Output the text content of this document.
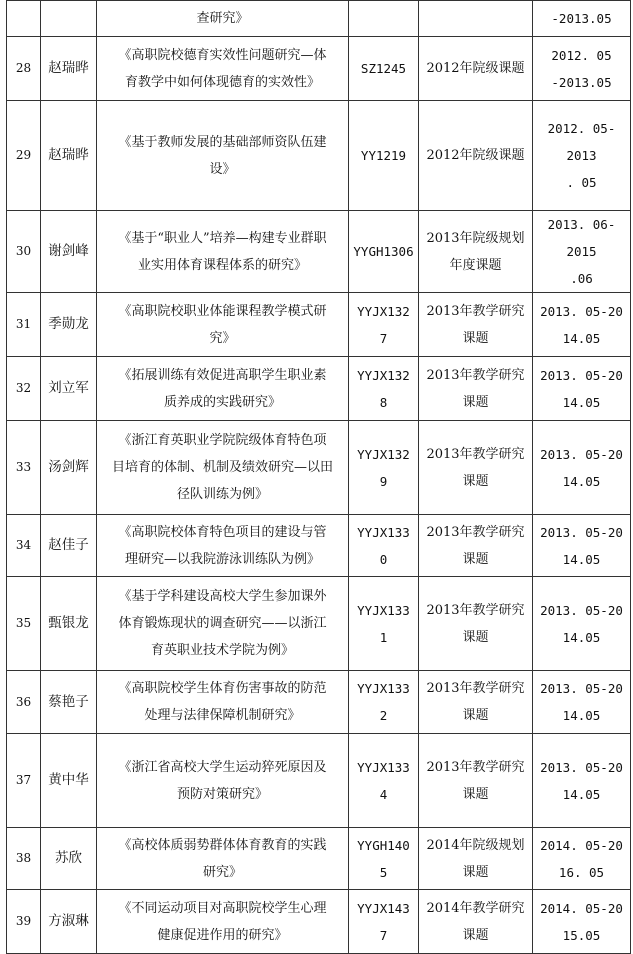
		查研究》			-2013.05
28	赵瑞晔	《高职院校德育实效性问题研究—体
育教学中如何体现德育的实效性》	SZ1245	2012年院级课题	2012. 05
-2013.05
29	赵瑞晔	《基于教师发展的基础部师资队伍建
设》	YY1219	2012年院级课题	2012. 05-2013
. 05
30	谢剑峰	《基于“职业人”培养—构建专业群职
业实用体育课程体系的研究》	YYGH1306	2013年院级规划
年度课题	2013. 06-2015
.06
31	季勋龙	《高职院校职业体能课程教学模式研
究》	YYJX132
7	2013年教学研究
课题	2013. 05-20
14.05
32	刘立军	《拓展训练有效促进高职学生职业素
质养成的实践研究》	YYJX132
8	2013年教学研究
课题	2013. 05-20
14.05
33	汤剑辉	《浙江育英职业学院院级体育特色项
目培育的体制、机制及绩效研究—以田
径队训练为例》	YYJX132
9	2013年教学研究
课题	2013. 05-20
14.05
34	赵佳子	《高职院校体育特色项目的建设与管
理研究—以我院游泳训练队为例》	YYJX133
0	2013年教学研究
课题	2013. 05-20
14.05
35	甄银龙	《基于学科建设高校大学生参加课外
体育锻炼现状的调查研究——以浙江
育英职业技术学院为例》	YYJX133
1	2013年教学研究
课题	2013. 05-20
14.05
36	蔡艳子	《高职院校学生体育伤害事故的防范
处理与法律保障机制研究》	YYJX133
2	2013年教学研究
课题	2013. 05-20
14.05
37	黄中华	《浙江省高校大学生运动猝死原因及
预防对策研究》	YYJX133
4	2013年教学研究
课题	2013. 05-20
14.05
38	苏欣	《高校体质弱势群体体育教育的实践
研究》	YYGH140
5	2014年院级规划
课题	2014. 05-20
16. 05
39	方淑琳	《不同运动项目对高职院校学生心理
健康促进作用的研究》	YYJX143
7	2014年教学研究
课题	2014. 05-20
15.05
